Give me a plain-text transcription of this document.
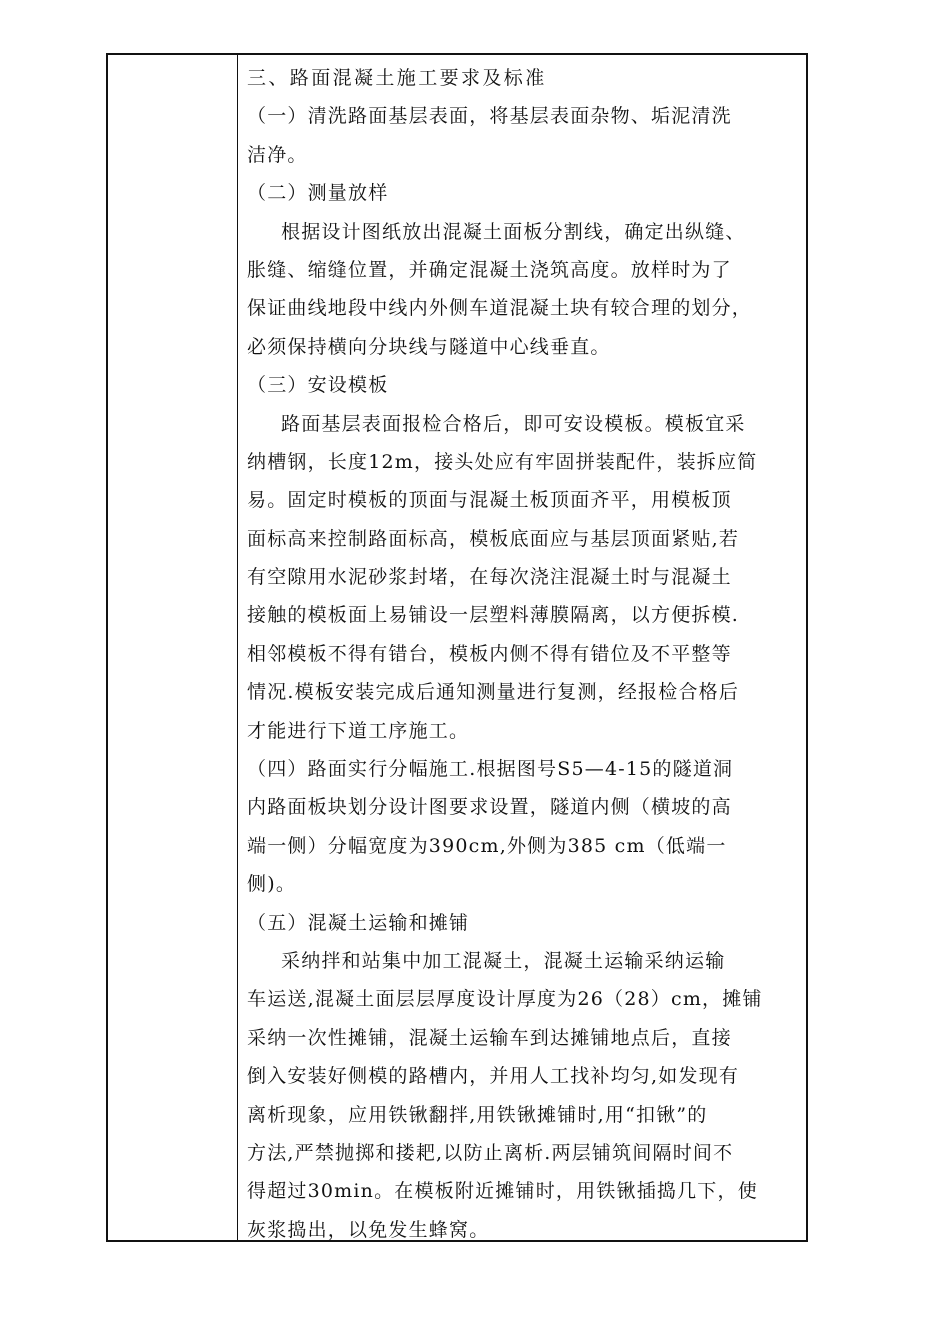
三、路面混凝土施工要求及标准
（一）清洗路面基层表面，将基层表面杂物、垢泥清洗
洁净。
（二）测量放样
根据设计图纸放出混凝土面板分割线，确定出纵缝、
胀缝、缩缝位置，并确定混凝土浇筑高度。放样时为了
保证曲线地段中线内外侧车道混凝土块有较合理的划分，
必须保持横向分块线与隧道中心线垂直。
（三）安设模板
路面基层表面报检合格后，即可安设模板。模板宜采
纳槽钢，长度12m，接头处应有牢固拼装配件，装拆应简
易。固定时模板的顶面与混凝土板顶面齐平，用模板顶
面标高来控制路面标高，模板底面应与基层顶面紧贴,若
有空隙用水泥砂浆封堵，在每次浇注混凝土时与混凝土
接触的模板面上易铺设一层塑料薄膜隔离，以方便拆模.
相邻模板不得有错台，模板内侧不得有错位及不平整等
情况.模板安装完成后通知测量进行复测，经报检合格后
才能进行下道工序施工。
（四）路面实行分幅施工.根据图号S5—4-15的隧道洞
内路面板块划分设计图要求设置，隧道内侧（横坡的高
端一侧）分幅宽度为390cm,外侧为385 cm（低端一
侧)。
（五）混凝土运输和摊铺
采纳拌和站集中加工混凝土，混凝土运输采纳运输
车运送,混凝土面层层厚度设计厚度为26（28）cm，摊铺
采纳一次性摊铺，混凝土运输车到达摊铺地点后，直接
倒入安装好侧模的路槽内，并用人工找补均匀,如发现有
离析现象，应用铁锹翻拌,用铁锹摊铺时,用“扣锹”的
方法,严禁抛掷和搂耙,以防止离析.两层铺筑间隔时间不
得超过30min。在模板附近摊铺时，用铁锹插捣几下，使
灰浆捣出，以免发生蜂窝。
